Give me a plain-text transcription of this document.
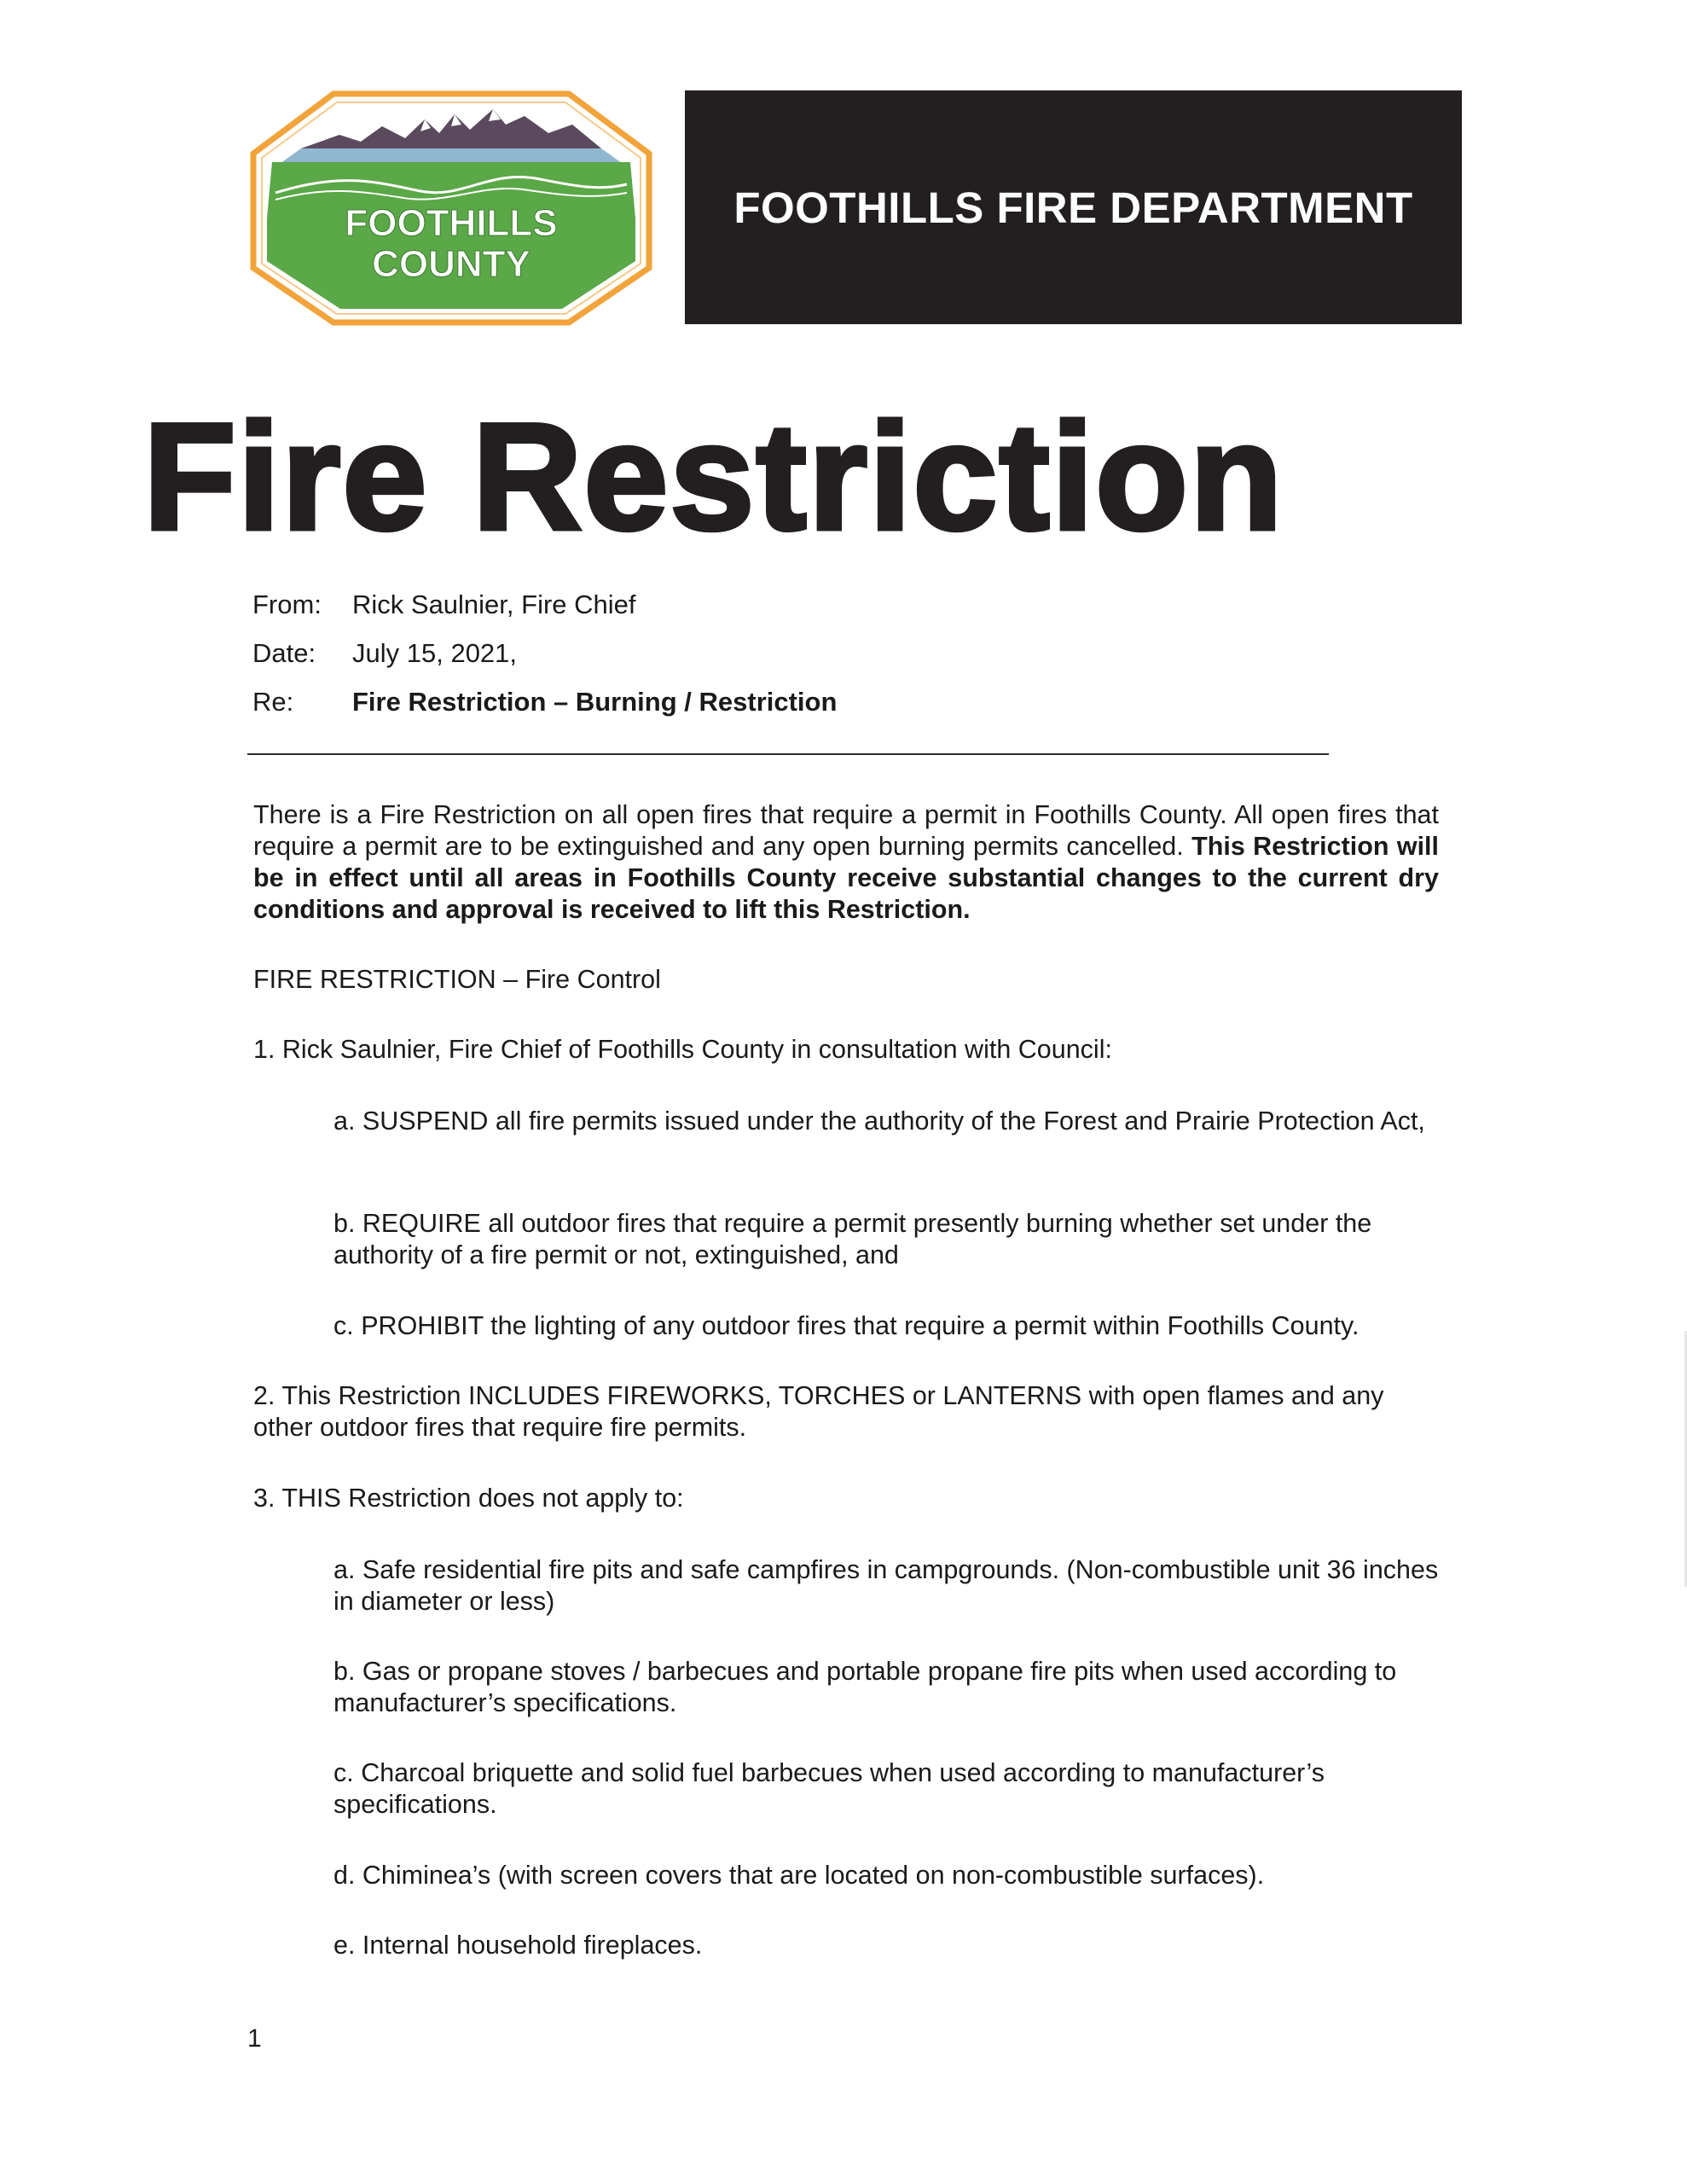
FOOTHILLS
COUNTY
FOOTHILLS FIRE DEPARTMENT
Fire Restriction
From:	Rick Saulnier, Fire Chief
Date:	July 15, 2021,
Re:	Fire Restriction – Burning / Restriction

There is a Fire Restriction on all open fires that require a permit in Foothills County. All open fires that require a permit are to be extinguished and any open burning permits cancelled. This Restriction will be in effect until all areas in Foothills County receive substantial changes to the current dry conditions and approval is received to lift this Restriction.

FIRE RESTRICTION – Fire Control

1. Rick Saulnier, Fire Chief of Foothills County in consultation with Council:

a. SUSPEND all fire permits issued under the authority of the Forest and Prairie Protection Act,

b. REQUIRE all outdoor fires that require a permit presently burning whether set under the authority of a fire permit or not, extinguished, and

c. PROHIBIT the lighting of any outdoor fires that require a permit within Foothills County.

2. This Restriction INCLUDES FIREWORKS, TORCHES or LANTERNS with open flames and any other outdoor fires that require fire permits.

3. THIS Restriction does not apply to:

a. Safe residential fire pits and safe campfires in campgrounds. (Non-combustible unit 36 inches in diameter or less)

b. Gas or propane stoves / barbecues and portable propane fire pits when used according to manufacturer’s specifications.

c. Charcoal briquette and solid fuel barbecues when used according to manufacturer’s specifications.

d. Chiminea’s (with screen covers that are located on non-combustible surfaces).

e. Internal household fireplaces.

1
